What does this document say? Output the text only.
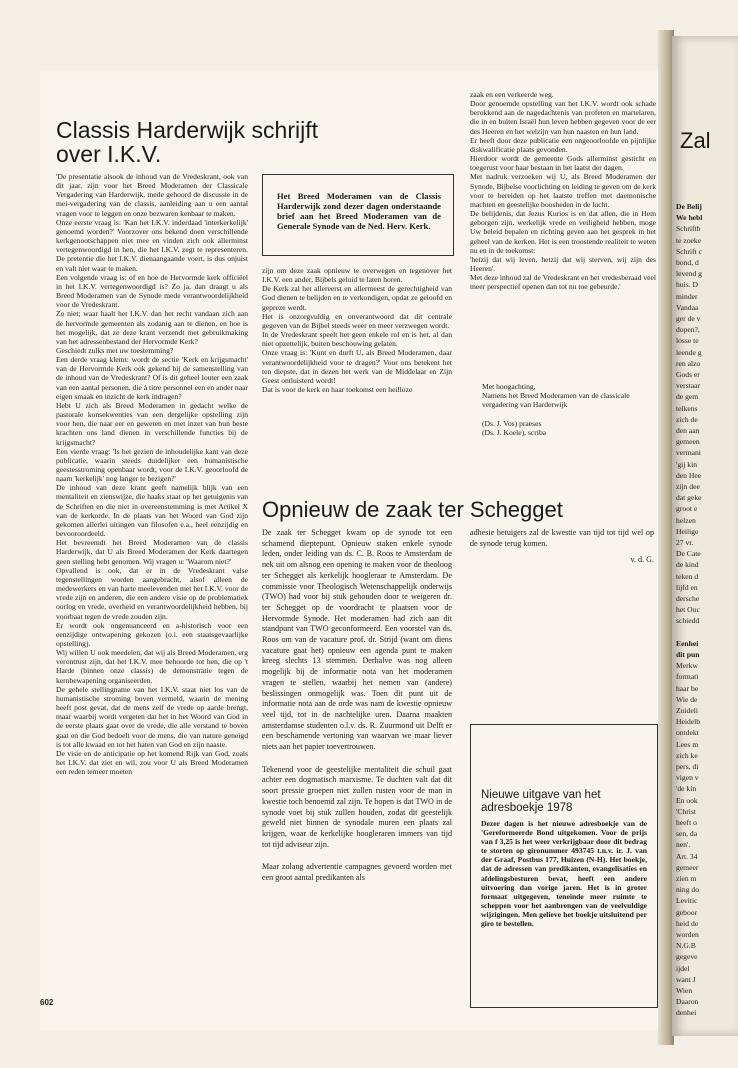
Classis Harderwijk schrijft
over I.K.V.

'De presentatie alsook de inhoud van de Vredeskrant, ook van dit jaar, zijn voor het Breed Moderamen der Classicale Vergadering van Harderwijk, mede gehoord de discussie in de mei-vergadering van de classis, aanleiding aan u een aantal vragen voor te leggen en onze bezwaren kenbaar te maken.

Onze eerste vraag is: 'Kan het I.K.V. inderdaad 'interkerkelijk' genoemd worden?' Voorzover ons bekend doen verschillende kerkgenootschappen niet mee en vinden zich ook allerminst vertegenwoordigd in hen, die het I.K.V. zegt te representeren. De pretentie die het I.K.V. dienaangaande voert, is dus onjuist en valt niet waar te maken.

Een volgende vraag is: of en hoe de Hervormde kerk officiëel in het I.K.V. vertegenwoordigd is? Zo ja, dan draagt u als Breed Moderamen van de Synode mede verantwoordelijkheid voor de Vredeskrant.

Zo niet; waar haalt het I.K.V. dan het recht vandaan zich aan de hervormde gemeenten als zodanig aan te dienen, en hoe is het mogelijk, dat ze deze krant verzendt met gebruikmaking van het adressenbestand der Hervormde Kerk?

Geschiedt zulks met uw toestemming?

Een derde vraag klemt: wordt de sectie 'Kerk en krijgsmacht' van de Hervormde Kerk ook gekend bij de samenstelling van de inhoud van de Vredeskrant? Of is dit geheel louter een zaak van een aantal personen, die à titre personnel een en ander naar eigen smaak en inzicht de kerk indragen?

Hebt U zich als Breed Moderamen in gedacht welke de pastorale konsekwenties van een dergelijke opstelling zijn voor hen, die naar eer en geweten en met inzet van hun beste krachten ons land dienen in verschillende functies bij de krijgsmacht?

Een vierde vraag: 'Is het gezien de inhoudelijke kant van deze publicatie, waarin steeds duidelijker een humanistische geestesstroming openbaar wordt, voor de I.K.V. geoorloofd de naam 'kerkelijk' nog langer te bezigen?'

De inhoud van deze krant geeft namelijk blijk van een mentaliteit en zienswijze, die haaks staat op het getuigenis van de Schriften en die niet in overeenstemming is met Artikel X van de kerkorde. In de plaats van het Woord van God zijn gekomen allerlei uitingen van filosofen e.a., heel eenzijdig en bevooroordeeld.

Het bevreemdt het Breed Moderamen van de classis Harderwijk, dat U als Breed Moderamen der Kerk daartegen geen stelling hebt genomen. Wij vragen u: 'Waarom niet?'

Opvallend is ook, dat er in de Vredeskrant valse tegenstellingen worden aangebracht, alsof alleen de medewerkers en van harte meelevenden met het I.K.V. voor de vrede zijn en anderen, die een andere visie op de problematiek oorlog en vrede, overheid en verantwoordelijkheid hebben, bij voorbaat tegen de vrede zouden zijn.

Er wordt ook ongenuanceerd en a-historisch voor een eenzijdige ontwapening gekozen (o.i. een staatsgevaarlijke opstelling).

Wij willen U ook meedelen, dat wij als Breed Moderamen, erg verontrust zijn, dat het I.K.V. mee behoorde tot hen, die op 't Harde (binnen onze classis) de demonstratie tegen de kernbewapening organiseerden.

De gehele stellingname van het I.K.V. staat niet los van de humanistische stroming boven vermeld, waarin de mening heeft post gevat, dat de mens zelf de vrede op aarde brengt, maar waarbij wordt vergeten dat het in het Woord van God in de eerste plaats gaat over de vrede, die alle verstand te boven gaat en die God bedoelt voor de mens, die van nature geneigd is tot alle kwaad en tot het haten van God en zijn naaste.

De visie en de anticipatie op het komend Rijk van God, zoals het I.K.V. dat ziet en wil, zou voor U als Breed Moderamen een reden temeer moeten

Het Breed Moderamen van de Classis Harderwijk zond dezer dagen onderstaande brief aan het Breed Moderamen van de Generale Synode van de Ned. Herv. Kerk.

zijn om deze zaak opnieuw te overwegen en tegenover het I.K.V. een ander, Bijbels geluid te laten horen.

De Kerk zal het allereerst en allermeest de gerechtigheid van God dienen te belijden en te verkondigen, opdat ze geloofd en gepreze werdt.

Het is onzorgvuldig en onverantwoord dat dit centrale gegeven van de Bijbel steeds weer en meer verzwegen wordt.

In de Vredeskrant speelt het geen enkele rol en is het, al dan niet opzettelijk, buiten beschouwing gelaten.

Onze vraag is: 'Kunt en durft U, als Breed Moderamen, daar verantwoordelijkheid voor te dragen?' Voor ons betekent het ten diepste, dat in dezen het werk van de Middelaar en Zijn Geest ontluisterd wordt!

Dat is voor de kerk en haar toekomst een heilloze

zaak en een verkeerde weg.

Door genoemde opstelling van het I.K.V. wordt ook schade berokkend aan de nagedachtenis van profeten en martelaren, die in en buiten Israël hun leven hebben gegeven voor de eer des Heeren en het welzijn van hun naasten en hun land.

Er heeft door deze publicatie een ongeoorloofde en pijnlijke diskwalificatie plaats gevonden.

Hierdoor wordt de gemeente Gods allerminst gesticht en toegerust voor haar bestaan in het laatst der dagen.

Met nadruk verzoeken wij U, als Breed Moderamen der Synode, Bijbelse voorlichting en leiding te geven om de kerk voor te bereiden op het laatste treffen met daemonische machten en geestelijke boosheden in de lucht.

De belijdenis, dat Jezus Kurios is en dat allen, die in Hem geborgen zijn, werkelijk vrede en veiligheid hebben, moge Uw beleid bepalen en richting geven aan het gesprek in het geheel van de kerken. Het is een troostende realiteit te weten nu en in de toekomst:

'hetzij dat wij leven, hetzij dat wij sterven, wij zijn des Heeren'.

Met deze inhoud zal de Vredeskrant en het vredesberaad veel meer perspectief openen dan tot nu toe gebeurde.'

Met hoogachting,
Namens het Breed Moderamen van de classicale vergadering van Harderwijk
(Ds. J. Vos) praeses
(Ds. J. Koele), scriba
Opnieuw de zaak ter Schegget

De zaak ter Schegget kwam op de synode tot een schamend dieptepunt. Opnieuw staken enkele synode leden, onder leiding van ds. C. B. Roos te Amsterdam de nek uit om alsnog een opening te maken voor de theoloog ter Schegget als kerkelijk hoogleraar te Amsterdam. De commissie voor Theologisch Wetenschappelijk onderwijs (TWO) had voor bij stuk gehouden door te weigeren dr. ter Schegget op de voordracht te plaatsen voor de Hervormde Synode. Het moderamen had zich aan dit standpunt van TWO geconformeerd. Een voorstel van ds. Roos om van de vacature prof. dr. Strijd (want om diens vacature gaat het) opnieuw een agenda punt te maken kreeg slechts 13 stemmen. Derhalve was nog alleen mogelijk bij de informatie nota van het moderamen vragen te stellen, waarbij het nemen van (andere) beslissingen onmogelijk was. Toen dit punt uit de informatie nota aan de orde was nam de kwestie opnieuw veel tijd, tot in de nachtelijke uren. Daarna maakten amsterdamse studenten o.l.v. ds. R. Zuurmond uit Delft er een beschamende vertoning van waarvan we maar liever niets aan het papier toevertrouwen.

Tekenend voor de geestelijke mentaliteit die schuil gaat achter een dogmatisch marxisme. Te duchten valt dat dit soort pressie groepen niet zullen rusten voor de man in kwestie toch benoemd zal zijn. Te hopen is dat TWO in de synode voet bij stuk zullen houden, zodat dit geestelijk geweld niet binnen de synodale muren een plaats zal krijgen, waar de kerkelijke hoogleraren immers van tijd tot tijd adviseur zijn.

Maar zolang advertentie campagnes gevoerd worden met een groot aantal predikanten als

adhesie betuigers zal de kwestie van tijd tot tijd wel op de synode terug komen.

v. d. G.

Nieuwe uitgave van het adresboekje 1978
Dezer dagen is het nieuwe adresboekje van de 'Gereformeerde Bond uitgekomen. Voor de prijs van f 3,25 is het weer verkrijgbaar door dit bedrag te storten op gironummer 493745 t.n.v. ir. J. van der Graaf, Postbus 177, Huizen (N-H). Het boekje, dat de adressen van predikanten, evangelisaties en afdelingsbesturen bevat, heeft een andere uitvoering dan vorige jaren. Het is in groter formaat uitgegeven, teneinde meer ruimte te scheppen voor het aanbrengen van de veelvuldige wijzigingen. Men gelieve het boekje uitsluitend per giro te bestellen.
602
Zal
De Belij
We hebl
Schriftb
te zoeke
Schrift c
bond, d
levend g
huis. D
minder
Vandaa
ger de v
dopen?,
losse te
leende g
ren alzo
Gods er
verstaar
de gem
telkens
zich de
den aan
gemeen
vermani
'gij kin
den Hee
zijn dee
dat geke
groot e
helzen
Heilige
27 vr.
De Cate
de kind
teken d
lijfd en
dersche
het Ouc
schiedd
Eenhei
dit pun
Merkw
formati
haar be
Wie de
Zuideli
Heidelb
ontdekt
Lees m
zich ke
pers, di
vigen v
'de kin
En ook
'Christ
heeft o
sen, da
nen'.
Art. 34
gemeer
zien m
ning do
Levitic
geboor
heid de
worden
N.G.B
gegeve
ijdel
want J
Wien
Daaron
denhei
